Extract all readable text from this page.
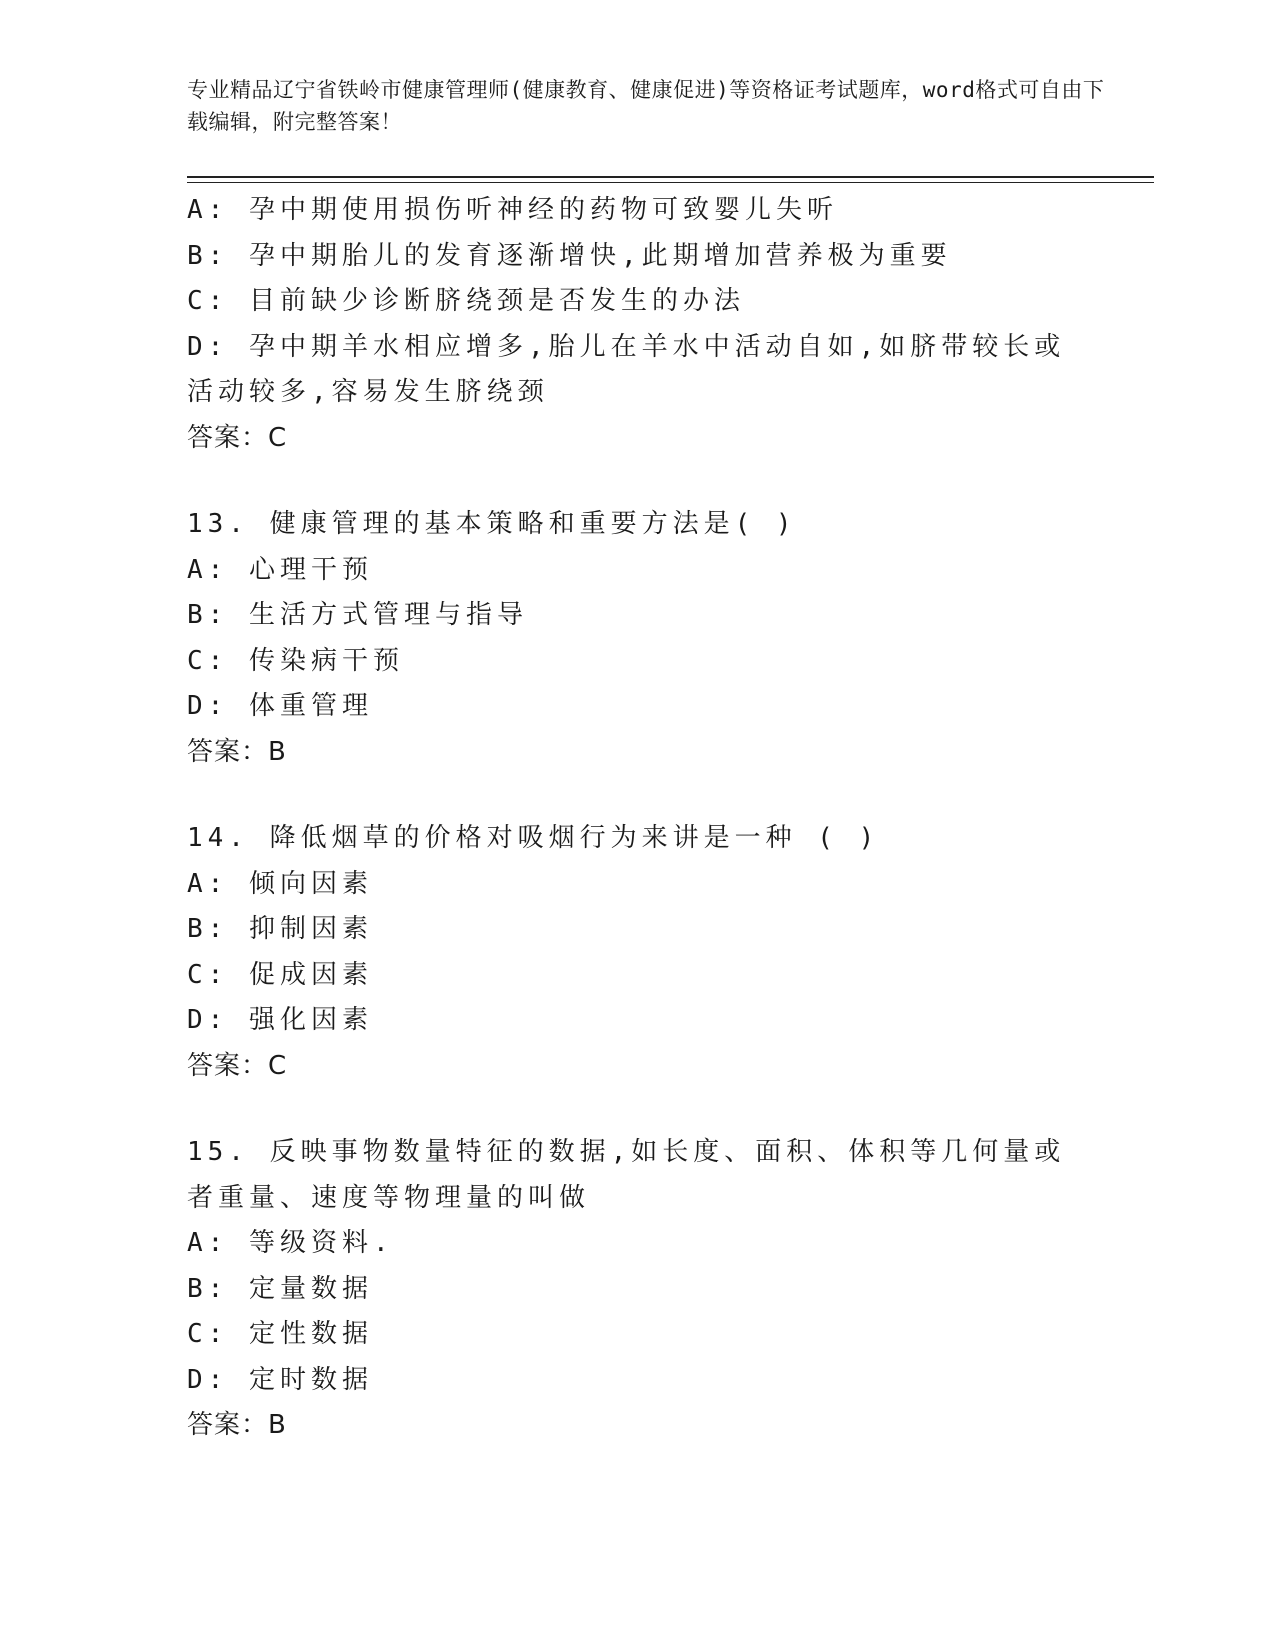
专业精品辽宁省铁岭市健康管理师(健康教育、健康促进)等资格证考试题库，word格式可自由下载编辑，附完整答案！
A: 孕中期使用损伤听神经的药物可致婴儿失听
B: 孕中期胎儿的发育逐渐增快,此期增加营养极为重要
C: 目前缺少诊断脐绕颈是否发生的办法
D: 孕中期羊水相应增多,胎儿在羊水中活动自如,如脐带较长或活动较多,容易发生脐绕颈
答案：C
13. 健康管理的基本策略和重要方法是( )
A: 心理干预
B: 生活方式管理与指导
C: 传染病干预
D: 体重管理
答案：B
14. 降低烟草的价格对吸烟行为来讲是一种 ( )
A: 倾向因素
B: 抑制因素
C: 促成因素
D: 强化因素
答案：C
15. 反映事物数量特征的数据,如长度、面积、体积等几何量或者重量、速度等物理量的叫做
A: 等级资料.
B: 定量数据
C: 定性数据
D: 定时数据
答案：B
